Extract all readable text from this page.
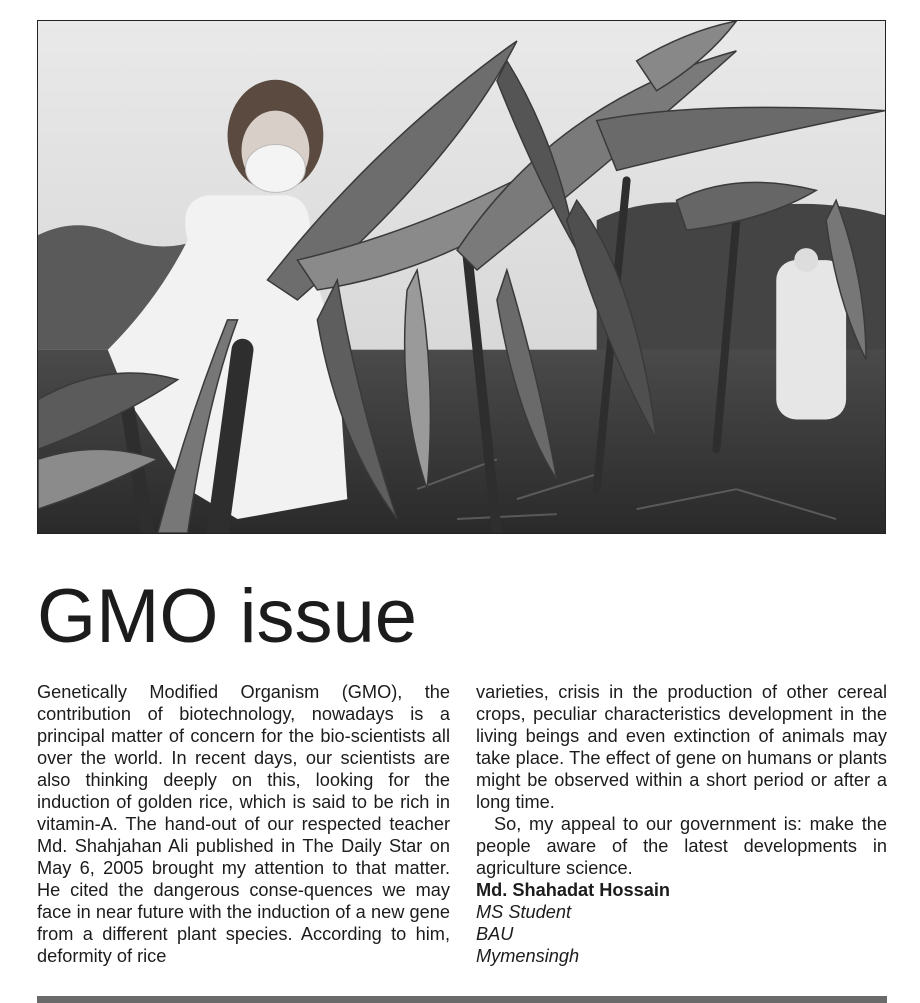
GMO issue

Genetically Modified Organism (GMO), the contribution of biotechnology, nowadays is a principal matter of concern for the bio-scientists all over the world. In recent days, our scientists are also thinking deeply on this, looking for the induction of golden rice, which is said to be rich in vitamin-A. The hand-out of our respected teacher Md. Shahjahan Ali published in The Daily Star on May 6, 2005 brought my attention to that matter. He cited the dangerous conse-quences we may face in near future with the induction of a new gene from a different plant species. According to him, deformity of rice

varieties, crisis in the production of other cereal crops, peculiar characteristics development in the living beings and even extinction of animals may take place. The effect of gene on humans or plants might be observed within a short period or after a long time.

So, my appeal to our government is: make the people aware of the latest developments in agriculture science.

Md. Shahadat Hossain

MS Student

BAU

Mymensingh
